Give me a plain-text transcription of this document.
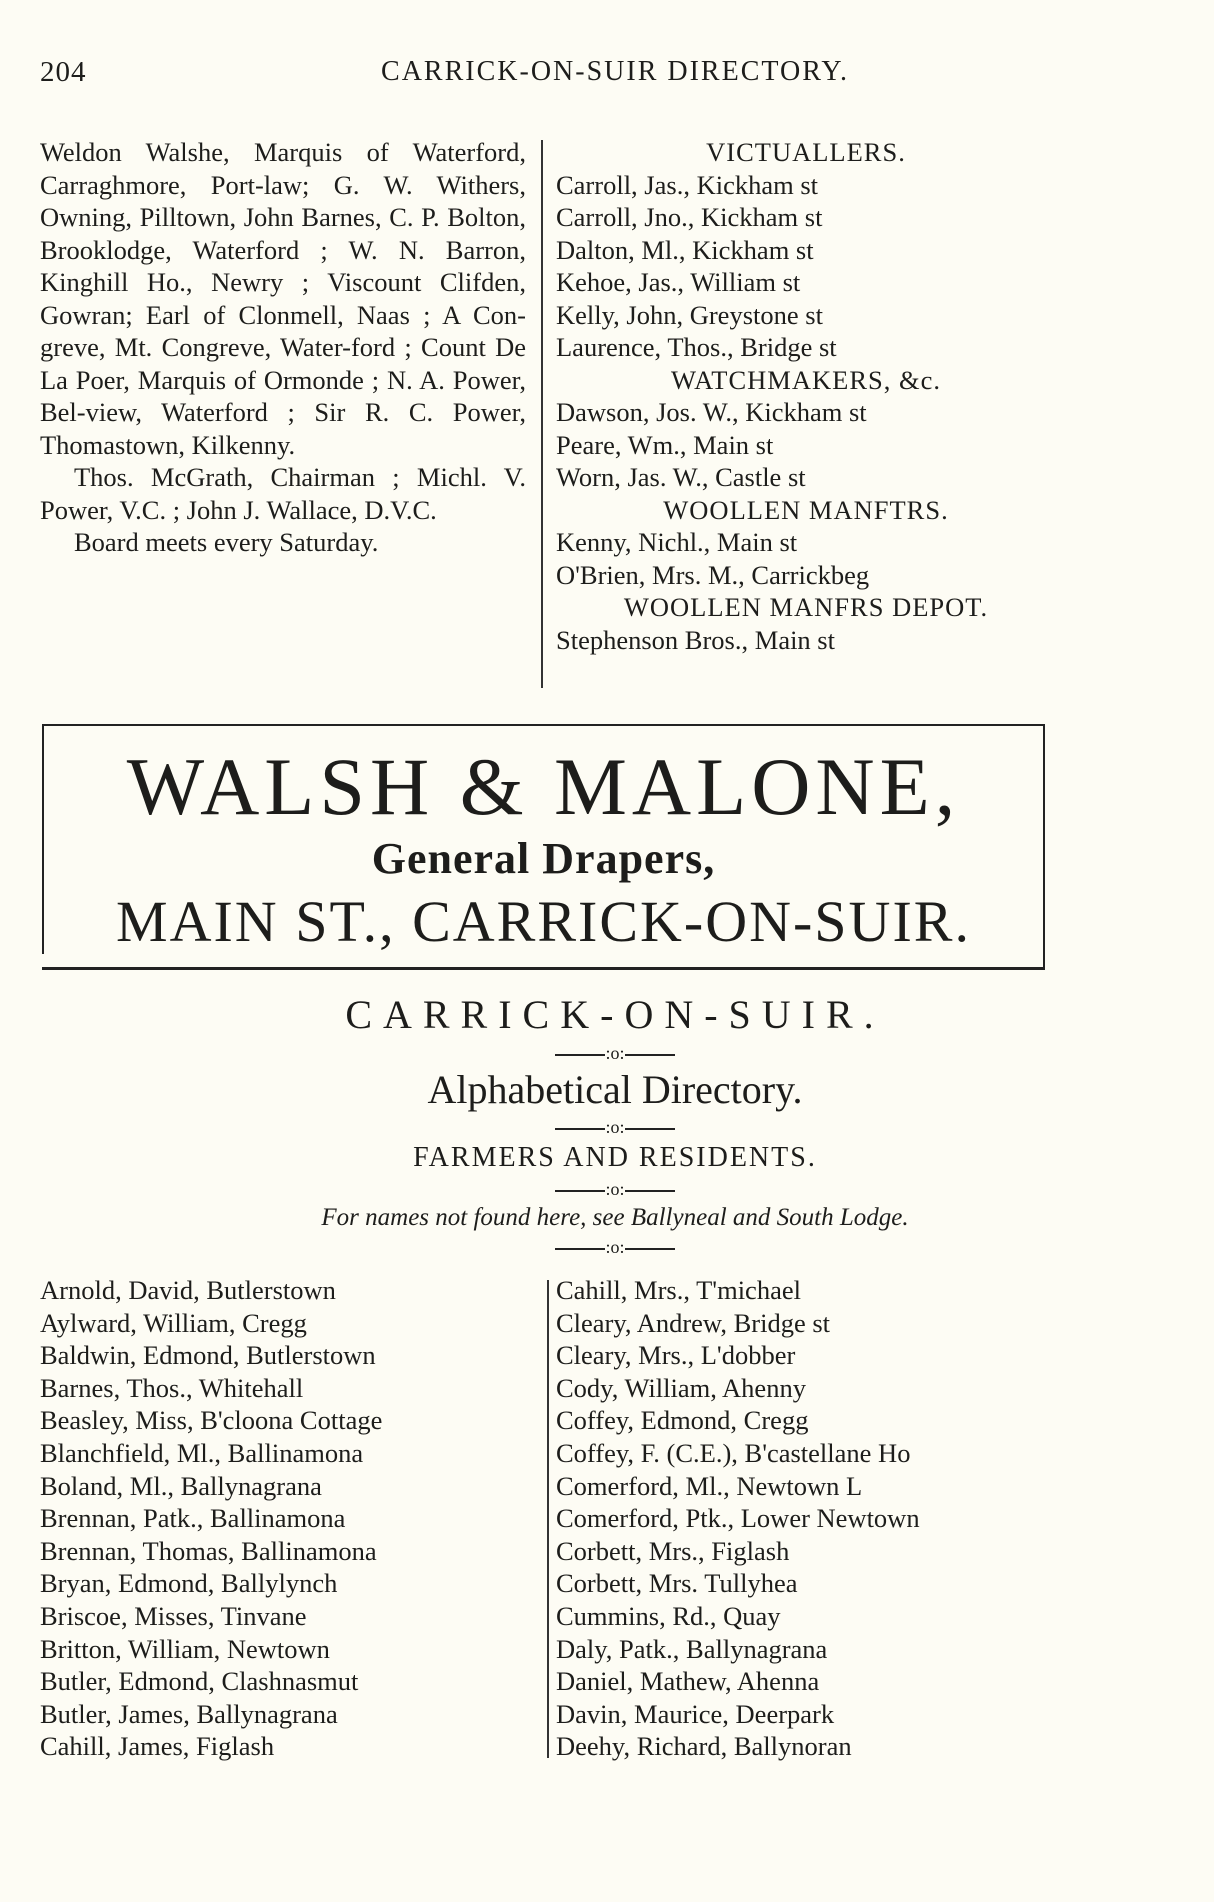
204	CARRICK-ON-SUIR DIRECTORY.

Weldon Walshe, Marquis of Waterford, Carraghmore, Port-law; G. W. Withers, Owning, Pilltown, John Barnes, C. P. Bolton, Brooklodge, Waterford ; W. N. Barron, Kinghill Ho., Newry ; Viscount Clifden, Gowran; Earl of Clonmell, Naas ; A Con-greve, Mt. Congreve, Water-ford ; Count De La Poer, Marquis of Ormonde ; N. A. Power, Bel-view, Waterford ; Sir R. C. Power, Thomastown, Kilkenny.

Thos. McGrath, Chairman ; Michl. V. Power, V.C. ; John J. Wallace, D.V.C.

Board meets every Saturday.

VICTUALLERS.
Carroll, Jas., Kickham st
Carroll, Jno., Kickham st
Dalton, Ml., Kickham st
Kehoe, Jas., William st
Kelly, John, Greystone st
Laurence, Thos., Bridge st
WATCHMAKERS, &c.
Dawson, Jos. W., Kickham st
Peare, Wm., Main st
Worn, Jas. W., Castle st
WOOLLEN MANFTRS.
Kenny, Nichl., Main st
O'Brien, Mrs. M., Carrickbeg
WOOLLEN MANFRS DEPOT.
Stephenson Bros., Main st
WALSH & MALONE,
General Drapers,
MAIN ST., CARRICK-ON-SUIR.
CARRICK-ON-SUIR.
:o:
Alphabetical Directory.
:o:
FARMERS AND RESIDENTS.
:o:
For names not found here, see Ballyneal and South Lodge.
:o:
Arnold, David, Butlerstown
Aylward, William, Cregg
Baldwin, Edmond, Butlerstown
Barnes, Thos., Whitehall
Beasley, Miss, B'cloona Cottage
Blanchfield, Ml., Ballinamona
Boland, Ml., Ballynagrana
Brennan, Patk., Ballinamona
Brennan, Thomas, Ballinamona
Bryan, Edmond, Ballylynch
Briscoe, Misses, Tinvane
Britton, William, Newtown
Butler, Edmond, Clashnasmut
Butler, James, Ballynagrana
Cahill, James, Figlash
Cahill, Mrs., T'michael
Cleary, Andrew, Bridge st
Cleary, Mrs., L'dobber
Cody, William, Ahenny
Coffey, Edmond, Cregg
Coffey, F. (C.E.), B'castellane Ho
Comerford, Ml., Newtown L
Comerford, Ptk., Lower Newtown
Corbett, Mrs., Figlash
Corbett, Mrs. Tullyhea
Cummins, Rd., Quay
Daly, Patk., Ballynagrana
Daniel, Mathew, Ahenna
Davin, Maurice, Deerpark
Deehy, Richard, Ballynoran
